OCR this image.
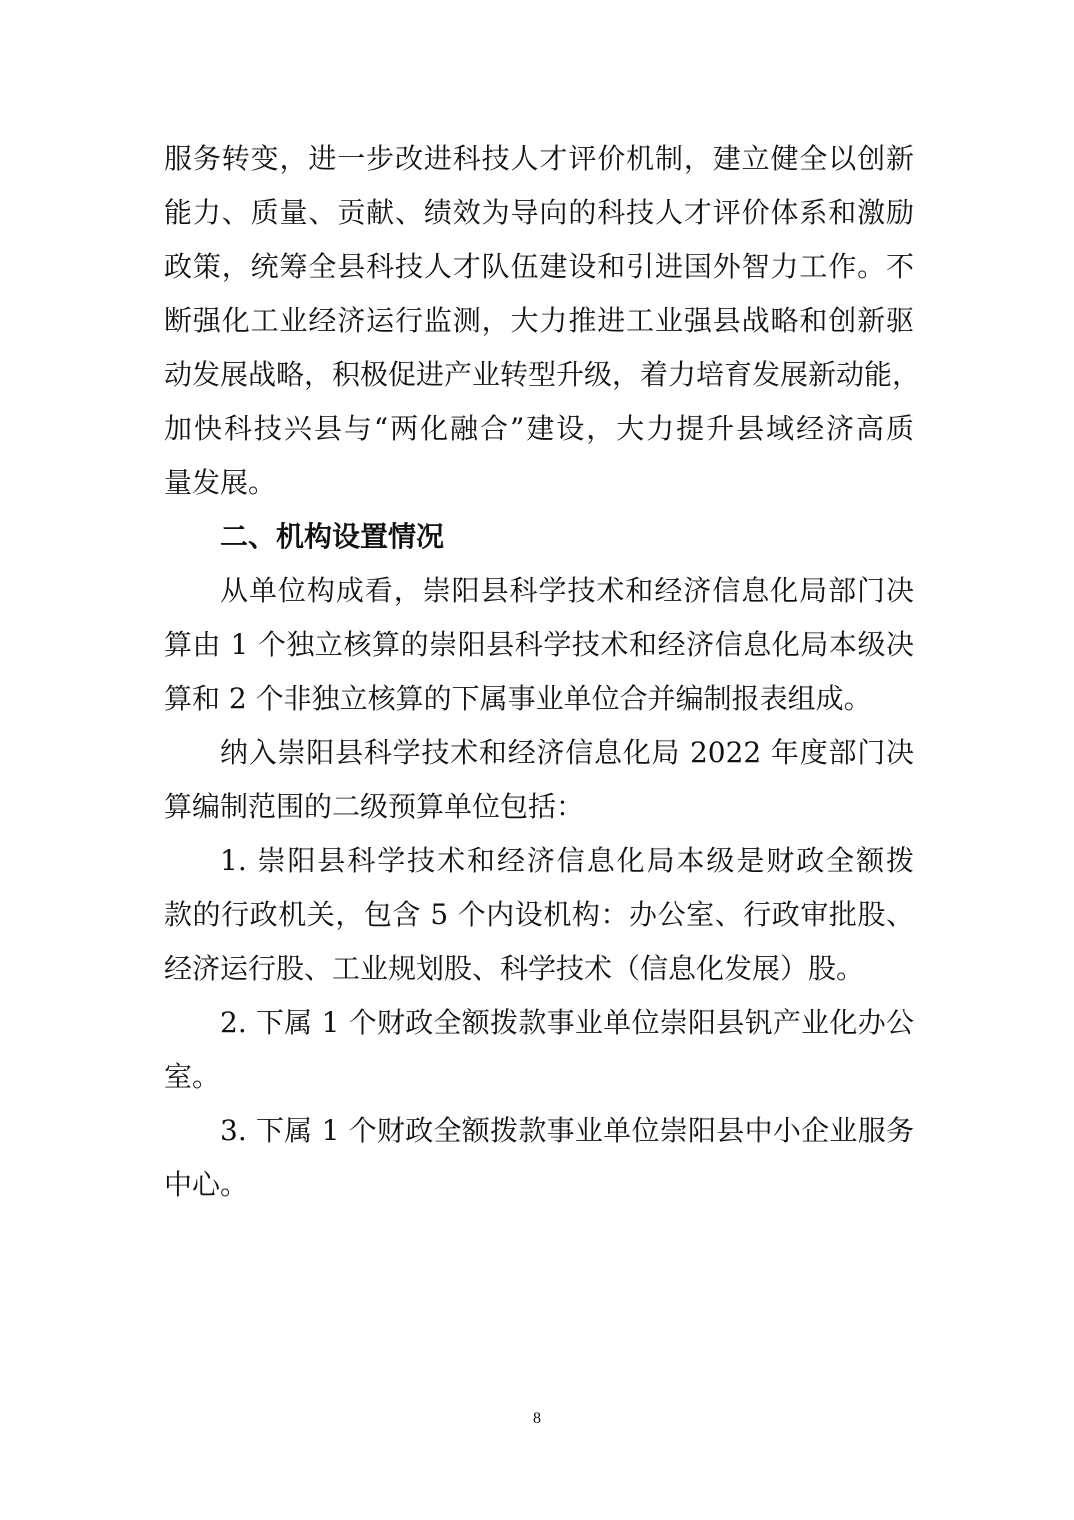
服务转变，进一步改进科技人才评价机制，建立健全以创新
能力、质量、贡献、绩效为导向的科技人才评价体系和激励
政策，统筹全县科技人才队伍建设和引进国外智力工作。不
断强化工业经济运行监测，大力推进工业强县战略和创新驱
动发展战略，积极促进产业转型升级，着力培育发展新动能，
加快科技兴县与“两化融合”建设，大力提升县域经济高质
量发展。
二、机构设置情况
从单位构成看，崇阳县科学技术和经济信息化局部门决
算由 1 个独立核算的崇阳县科学技术和经济信息化局本级决
算和 2 个非独立核算的下属事业单位合并编制报表组成。
纳入崇阳县科学技术和经济信息化局 2022 年度部门决
算编制范围的二级预算单位包括：
1. 崇阳县科学技术和经济信息化局本级是财政全额拨
款的行政机关，包含 5 个内设机构：办公室、行政审批股、
经济运行股、工业规划股、科学技术（信息化发展）股。
2. 下属 1 个财政全额拨款事业单位崇阳县钒产业化办公
室。
3. 下属 1 个财政全额拨款事业单位崇阳县中小企业服务
中心。
8
